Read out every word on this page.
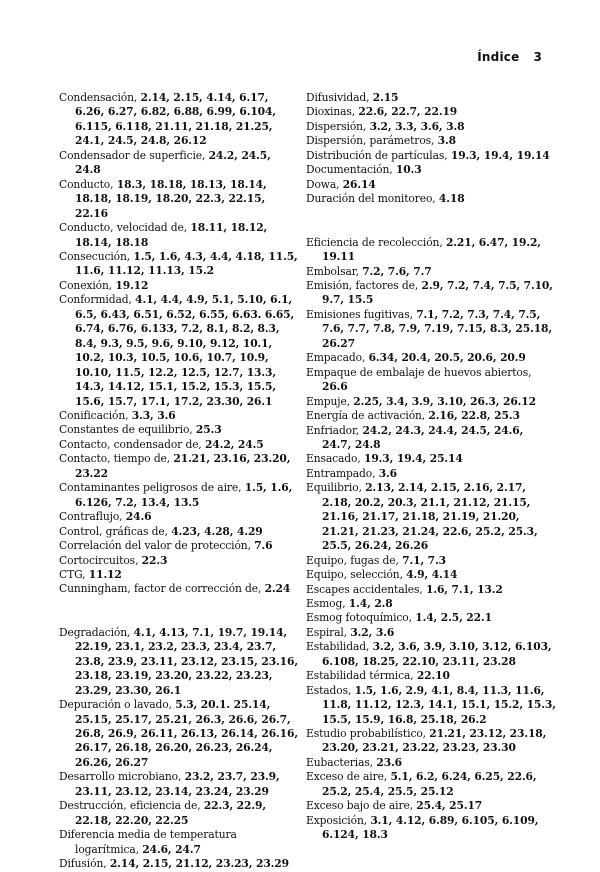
Índice 3
Condensación, 2.14, 2.15, 4.14, 6.17, 6.26, 6.27, 6.82, 6.88, 6.99, 6.104, 6.115, 6.118, 21.11, 21.18, 21.25, 24.1, 24.5, 24.8, 26.12
Condensador de superficie, 24.2, 24.5, 24.8
Conducto, 18.3, 18.18, 18.13, 18.14, 18.18, 18.19, 18.20, 22.3, 22.15, 22.16
Conducto, velocidad de, 18.11, 18.12, 18.14, 18.18
Consecución, 1.5, 1.6, 4.3, 4.4, 4.18, 11.5, 11.6, 11.12, 11.13, 15.2
Conexión, 19.12
Conformidad, 4.1, 4.4, 4.9, 5.1, 5.10, 6.1, 6.5, 6.43, 6.51, 6.52, 6.55, 6.63. 6.65, 6.74, 6.76, 6.133, 7.2, 8.1, 8.2, 8.3, 8.4, 9.3, 9.5, 9.6, 9.10, 9.12, 10.1, 10.2, 10.3, 10.5, 10.6, 10.7, 10.9, 10.10, 11.5, 12.2, 12.5, 12.7, 13.3, 14.3, 14.12, 15.1, 15.2, 15.3, 15.5, 15.6, 15.7, 17.1, 17.2, 23.30, 26.1
Conificación, 3.3, 3.6
Constantes de equilibrio, 25.3
Contacto, condensador de, 24.2, 24.5
Contacto, tiempo de, 21.21, 23.16, 23.20, 23.22
Contaminantes peligrosos de aire, 1.5, 1.6, 6.126, 7.2, 13.4, 13.5
Contraflujo, 24.6
Control, gráficas de, 4.23, 4.28, 4.29
Correlación del valor de protección, 7.6
Cortocircuitos, 22.3
CTG, 11.12
Cunningham, factor de corrección de, 2.24
Degradación, 4.1, 4.13, 7.1, 19.7, 19.14, 22.19, 23.1, 23.2, 23.3, 23.4, 23.7, 23.8, 23.9, 23.11, 23.12, 23.15, 23.16, 23.18, 23.19, 23.20, 23.22, 23.23, 23.29, 23.30, 26.1
Depuración o lavado, 5.3, 20.1. 25.14, 25.15, 25.17, 25.21, 26.3, 26.6, 26.7, 26.8, 26.9, 26.11, 26.13, 26.14, 26.16, 26.17, 26.18, 26.20, 26.23, 26.24, 26.26, 26.27
Desarrollo microbiano, 23.2, 23.7, 23.9, 23.11, 23.12, 23.14, 23.24, 23.29
Destrucción, eficiencia de, 22.3, 22.9, 22.18, 22.20, 22.25
Diferencia media de temperatura logarítmica, 24.6, 24.7
Difusión, 2.14, 2.15, 21.12, 23.23, 23.29
Difusividad, 2.15
Dioxinas, 22.6, 22.7, 22.19
Dispersión, 3.2, 3.3, 3.6, 3.8
Dispersión, parámetros, 3.8
Distribución de partículas, 19.3, 19.4, 19.14
Documentación, 10.3
Dowa, 26.14
Duración del monitoreo, 4.18
Eficiencia de recolección, 2.21, 6.47, 19.2, 19.11
Embolsar, 7.2, 7.6, 7.7
Emisión, factores de, 2.9, 7.2, 7.4, 7.5, 7.10, 9.7, 15.5
Emisiones fugitivas, 7.1, 7.2, 7.3, 7.4, 7.5, 7.6, 7.7, 7.8, 7.9, 7.19, 7.15, 8.3, 25.18, 26.27
Empacado, 6.34, 20.4, 20.5, 20.6, 20.9
Empaque de embalaje de huevos abiertos, 26.6
Empuje, 2.25, 3.4, 3.9, 3.10, 26.3, 26.12
Energía de activación, 2.16, 22.8, 25.3
Enfriador, 24.2, 24.3, 24.4, 24.5, 24.6, 24.7, 24.8
Ensacado, 19.3, 19.4, 25.14
Entrampado, 3.6
Equilibrio, 2.13, 2.14, 2.15, 2.16, 2.17, 2.18, 20.2, 20.3, 21.1, 21.12, 21.15, 21.16, 21.17, 21.18, 21.19, 21.20, 21.21, 21.23, 21.24, 22.6, 25.2, 25.3, 25.5, 26.24, 26.26
Equipo, fugas de, 7.1, 7.3
Equipo, selección, 4.9, 4.14
Escapes accidentales, 1.6, 7.1, 13.2
Esmog, 1.4, 2.8
Esmog fotoquímico, 1.4, 2.5, 22.1
Espiral, 3.2, 3.6
Estabilidad, 3.2, 3.6, 3.9, 3.10, 3.12, 6.103, 6.108, 18.25, 22.10, 23.11, 23.28
Estabilidad térmica, 22.10
Estados, 1.5, 1.6, 2.9, 4.1, 8.4, 11.3, 11.6, 11.8, 11.12, 12.3, 14.1, 15.1, 15.2, 15.3, 15.5, 15.9, 16.8, 25.18, 26.2
Estudio probabilístico, 21.21, 23.12, 23.18, 23.20, 23.21, 23.22, 23.23, 23.30
Eubacterias, 23.6
Exceso de aire, 5.1, 6.2, 6.24, 6.25, 22.6, 25.2, 25.4, 25.5, 25.12
Exceso bajo de aire, 25.4, 25.17
Exposición, 3.1, 4.12, 6.89, 6.105, 6.109, 6.124, 18.3
